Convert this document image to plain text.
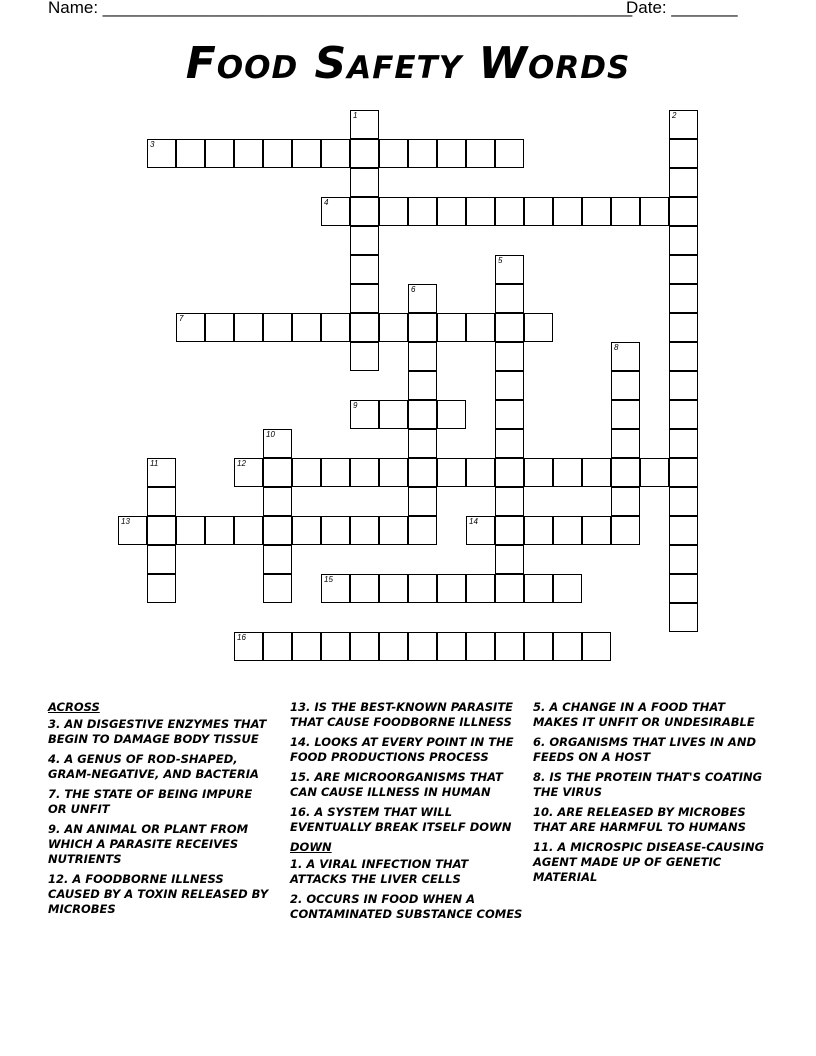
Name: ________________________________________________________
Date: _______
Food Safety Words
1	2
3
4
5
6
7
8
9
10
11	12
13	14
15
16
ACROSS
3. AN DISGESTIVE ENZYMES THAT BEGIN TO DAMAGE BODY TISSUE
4. A GENUS OF ROD-SHAPED, GRAM-NEGATIVE, AND BACTERIA
7. THE STATE OF BEING IMPURE OR UNFIT
9. AN ANIMAL OR PLANT FROM WHICH A PARASITE RECEIVES NUTRIENTS
12. A FOODBORNE ILLNESS CAUSED BY A TOXIN RELEASED BY MICROBES
13. IS THE BEST-KNOWN PARASITE THAT CAUSE FOODBORNE ILLNESS
14. LOOKS AT EVERY POINT IN THE FOOD PRODUCTIONS PROCESS
15. ARE MICROORGANISMS THAT CAN CAUSE ILLNESS IN HUMAN
16. A SYSTEM THAT WILL EVENTUALLY BREAK ITSELF DOWN
DOWN
1. A VIRAL INFECTION THAT ATTACKS THE LIVER CELLS
2. OCCURS IN FOOD WHEN A CONTAMINATED SUBSTANCE COMES
5. A CHANGE IN A FOOD THAT MAKES IT UNFIT OR UNDESIRABLE
6. ORGANISMS THAT LIVES IN AND FEEDS ON A HOST
8. IS THE PROTEIN THAT'S COATING THE VIRUS
10. ARE RELEASED BY MICROBES THAT ARE HARMFUL TO HUMANS
11. A MICROSPIC DISEASE-CAUSING AGENT MADE UP OF GENETIC MATERIAL
